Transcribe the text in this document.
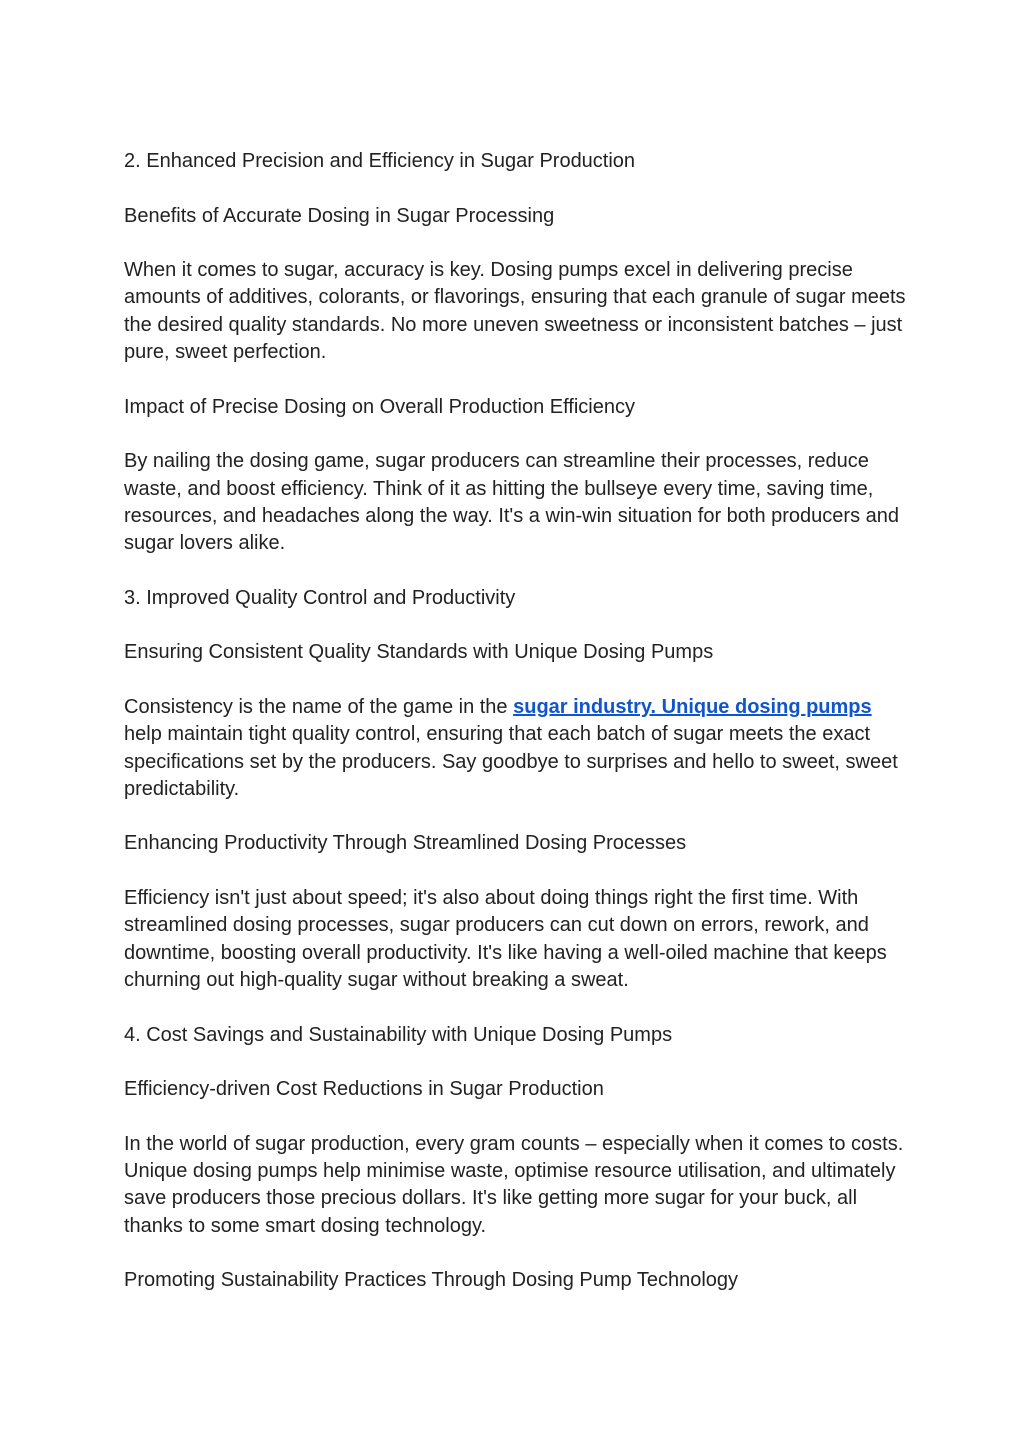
2. Enhanced Precision and Efficiency in Sugar Production

Benefits of Accurate Dosing in Sugar Processing

When it comes to sugar, accuracy is key. Dosing pumps excel in delivering precise amounts of additives, colorants, or flavorings, ensuring that each granule of sugar meets the desired quality standards. No more uneven sweetness or inconsistent batches – just pure, sweet perfection.

Impact of Precise Dosing on Overall Production Efficiency

By nailing the dosing game, sugar producers can streamline their processes, reduce waste, and boost efficiency. Think of it as hitting the bullseye every time, saving time, resources, and headaches along the way. It's a win-win situation for both producers and sugar lovers alike.

3. Improved Quality Control and Productivity

Ensuring Consistent Quality Standards with Unique Dosing Pumps

Consistency is the name of the game in the sugar industry. Unique dosing pumps help maintain tight quality control, ensuring that each batch of sugar meets the exact specifications set by the producers. Say goodbye to surprises and hello to sweet, sweet predictability.

Enhancing Productivity Through Streamlined Dosing Processes

Efficiency isn't just about speed; it's also about doing things right the first time. With streamlined dosing processes, sugar producers can cut down on errors, rework, and downtime, boosting overall productivity. It's like having a well-oiled machine that keeps churning out high-quality sugar without breaking a sweat.

4. Cost Savings and Sustainability with Unique Dosing Pumps

Efficiency-driven Cost Reductions in Sugar Production

In the world of sugar production, every gram counts – especially when it comes to costs. Unique dosing pumps help minimise waste, optimise resource utilisation, and ultimately save producers those precious dollars. It's like getting more sugar for your buck, all thanks to some smart dosing technology.

Promoting Sustainability Practices Through Dosing Pump Technology
